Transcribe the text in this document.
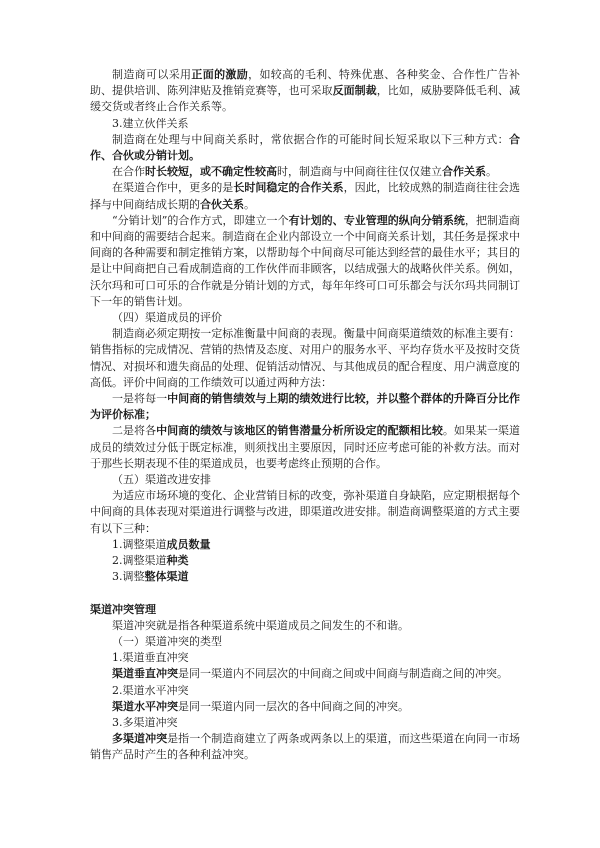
制造商可以采用正面的激励，如较高的毛利、特殊优惠、各种奖金、合作性广告补助、提供培训、陈列津贴及推销竞赛等，也可采取反面制裁，比如，威胁要降低毛利、减缓交货或者终止合作关系等。

3.建立伙伴关系

制造商在处理与中间商关系时，常依据合作的可能时间长短采取以下三种方式：合作、合伙或分销计划。

在合作时长较短，或不确定性较高时，制造商与中间商往往仅仅建立合作关系。

在渠道合作中，更多的是长时间稳定的合作关系，因此，比较成熟的制造商往往会选择与中间商结成长期的合伙关系。

“分销计划”的合作方式，即建立一个有计划的、专业管理的纵向分销系统，把制造商和中间商的需要结合起来。制造商在企业内部设立一个中间商关系计划，其任务是探求中间商的各种需要和制定推销方案，以帮助每个中间商尽可能达到经营的最佳水平；其目的是让中间商把自己看成制造商的工作伙伴而非顾客，以结成强大的战略伙伴关系。例如，沃尔玛和可口可乐的合作就是分销计划的方式，每年年终可口可乐都会与沃尔玛共同制订下一年的销售计划。

（四）渠道成员的评价

制造商必须定期按一定标准衡量中间商的表现。衡量中间商渠道绩效的标准主要有：销售指标的完成情况、营销的热情及态度、对用户的服务水平、平均存货水平及按时交货情况、对损坏和遗失商品的处理、促销活动情况、与其他成员的配合程度、用户满意度的高低。评价中间商的工作绩效可以通过两种方法：

一是将每一中间商的销售绩效与上期的绩效进行比较，并以整个群体的升降百分比作为评价标准；

二是将各中间商的绩效与该地区的销售潜量分析所设定的配额相比较。如果某一渠道成员的绩效过分低于既定标准，则须找出主要原因，同时还应考虑可能的补救方法。而对于那些长期表现不佳的渠道成员，也要考虑终止预期的合作。

（五）渠道改进安排

为适应市场环境的变化、企业营销目标的改变，弥补渠道自身缺陷，应定期根据每个中间商的具体表现对渠道进行调整与改进，即渠道改进安排。制造商调整渠道的方式主要有以下三种：

1.调整渠道成员数量

2.调整渠道种类

3.调整整体渠道

渠道冲突管理

渠道冲突就是指各种渠道系统中渠道成员之间发生的不和谐。

（一）渠道冲突的类型

1.渠道垂直冲突

渠道垂直冲突是同一渠道内不同层次的中间商之间或中间商与制造商之间的冲突。

2.渠道水平冲突

渠道水平冲突是同一渠道内同一层次的各中间商之间的冲突。

3.多渠道冲突

多渠道冲突是指一个制造商建立了两条或两条以上的渠道，而这些渠道在向同一市场销售产品时产生的各种利益冲突。
